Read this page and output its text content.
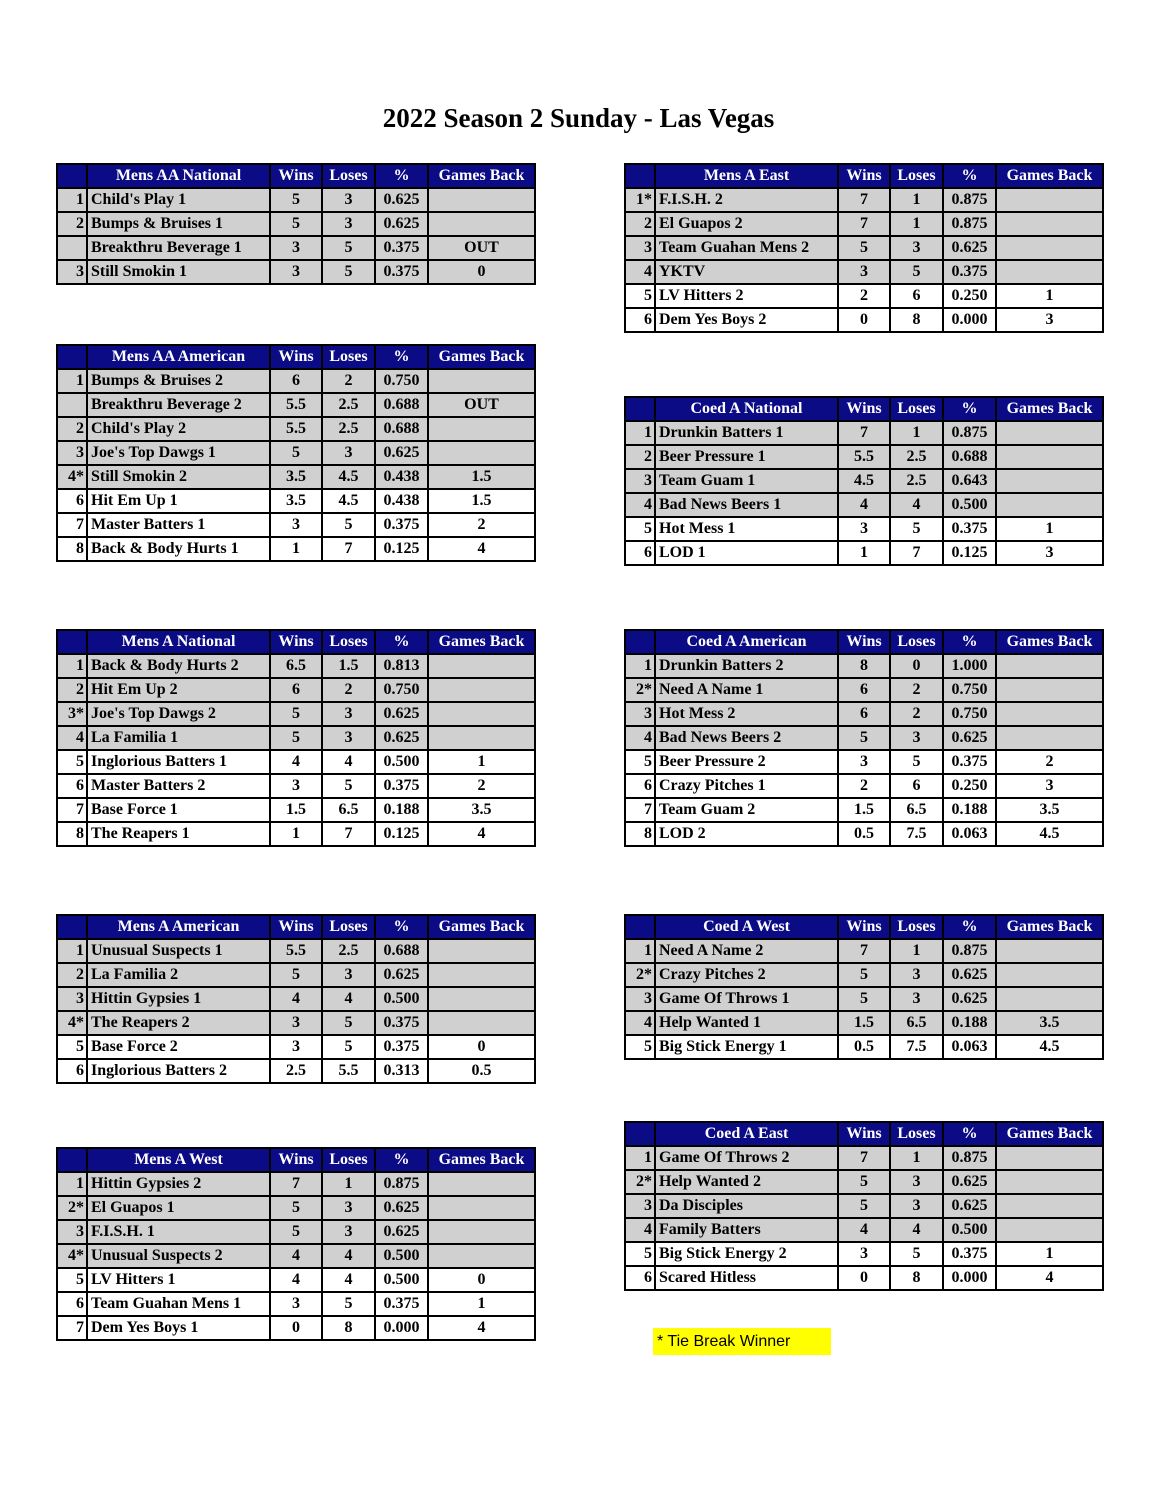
2022 Season 2 Sunday - Las Vegas
	Mens AA National	Wins	Loses	%	Games Back
1	Child's Play 1	5	3	0.625	
2	Bumps & Bruises 1	5	3	0.625	
	Breakthru Beverage 1	3	5	0.375	OUT
3	Still Smokin 1	3	5	0.375	0
	Mens AA American	Wins	Loses	%	Games Back
1	Bumps & Bruises 2	6	2	0.750	
	Breakthru Beverage 2	5.5	2.5	0.688	OUT
2	Child's Play 2	5.5	2.5	0.688	
3	Joe's Top Dawgs 1	5	3	0.625	
4*	Still Smokin 2	3.5	4.5	0.438	1.5
6	Hit Em Up 1	3.5	4.5	0.438	1.5
7	Master Batters 1	3	5	0.375	2
8	Back & Body Hurts 1	1	7	0.125	4
	Mens A National	Wins	Loses	%	Games Back
1	Back & Body Hurts 2	6.5	1.5	0.813	
2	Hit Em Up 2	6	2	0.750	
3*	Joe's Top Dawgs 2	5	3	0.625	
4	La Familia 1	5	3	0.625	
5	Inglorious Batters 1	4	4	0.500	1
6	Master Batters 2	3	5	0.375	2
7	Base Force 1	1.5	6.5	0.188	3.5
8	The Reapers 1	1	7	0.125	4
	Mens A American	Wins	Loses	%	Games Back
1	Unusual Suspects 1	5.5	2.5	0.688	
2	La Familia 2	5	3	0.625	
3	Hittin Gypsies 1	4	4	0.500	
4*	The Reapers 2	3	5	0.375	
5	Base Force 2	3	5	0.375	0
6	Inglorious Batters 2	2.5	5.5	0.313	0.5
	Mens A West	Wins	Loses	%	Games Back
1	Hittin Gypsies 2	7	1	0.875	
2*	El Guapos 1	5	3	0.625	
3	F.I.S.H. 1	5	3	0.625	
4*	Unusual Suspects 2	4	4	0.500	
5	LV Hitters 1	4	4	0.500	0
6	Team Guahan Mens 1	3	5	0.375	1
7	Dem Yes Boys 1	0	8	0.000	4
	Mens A East	Wins	Loses	%	Games Back
1*	F.I.S.H. 2	7	1	0.875	
2	El Guapos 2	7	1	0.875	
3	Team Guahan Mens 2	5	3	0.625	
4	YKTV	3	5	0.375	
5	LV Hitters 2	2	6	0.250	1
6	Dem Yes Boys 2	0	8	0.000	3
	Coed A National	Wins	Loses	%	Games Back
1	Drunkin Batters 1	7	1	0.875	
2	Beer Pressure 1	5.5	2.5	0.688	
3	Team Guam 1	4.5	2.5	0.643	
4	Bad News Beers 1	4	4	0.500	
5	Hot Mess 1	3	5	0.375	1
6	LOD 1	1	7	0.125	3
	Coed A American	Wins	Loses	%	Games Back
1	Drunkin Batters 2	8	0	1.000	
2*	Need A Name 1	6	2	0.750	
3	Hot Mess 2	6	2	0.750	
4	Bad News Beers 2	5	3	0.625	
5	Beer Pressure 2	3	5	0.375	2
6	Crazy Pitches 1	2	6	0.250	3
7	Team Guam 2	1.5	6.5	0.188	3.5
8	LOD 2	0.5	7.5	0.063	4.5
	Coed A West	Wins	Loses	%	Games Back
1	Need A Name 2	7	1	0.875	
2*	Crazy Pitches 2	5	3	0.625	
3	Game Of Throws 1	5	3	0.625	
4	Help Wanted 1	1.5	6.5	0.188	3.5
5	Big Stick Energy 1	0.5	7.5	0.063	4.5
	Coed A East	Wins	Loses	%	Games Back
1	Game Of Throws 2	7	1	0.875	
2*	Help Wanted 2	5	3	0.625	
3	Da Disciples	5	3	0.625	
4	Family Batters	4	4	0.500	
5	Big Stick Energy 2	3	5	0.375	1
6	Scared Hitless	0	8	0.000	4
* Tie Break Winner
